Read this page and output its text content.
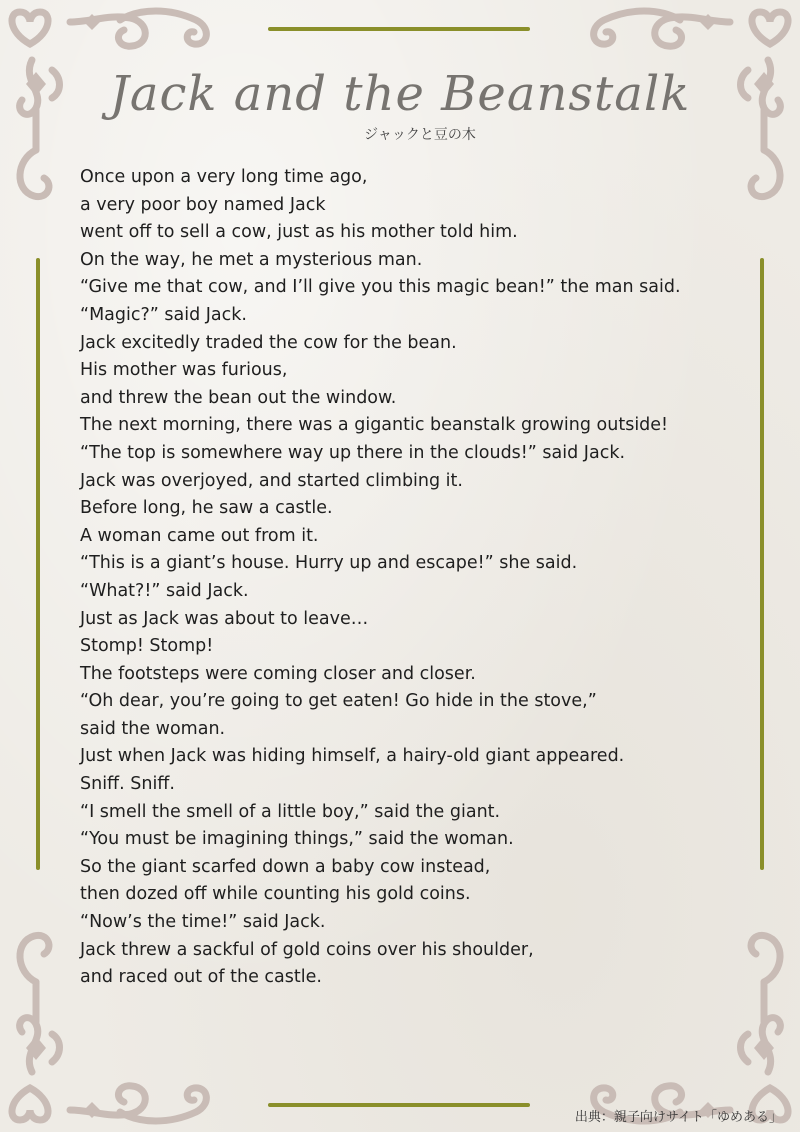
Jack and the Beanstalk
ジャックと豆の木
Once upon a very long time ago,
a very poor boy named Jack
went off to sell a cow, just as his mother told him.
On the way, he met a mysterious man.
“Give me that cow, and I’ll give you this magic bean!” the man said.
“Magic?” said Jack.
Jack excitedly traded the cow for the bean.
His mother was furious,
and threw the bean out the window.
The next morning, there was a gigantic beanstalk growing outside!
“The top is somewhere way up there in the clouds!” said Jack.
Jack was overjoyed, and started climbing it.
Before long, he saw a castle.
A woman came out from it.
“This is a giant’s house. Hurry up and escape!” she said.
“What?!” said Jack.
Just as Jack was about to leave…
Stomp! Stomp!
The footsteps were coming closer and closer.
“Oh dear, you’re going to get eaten! Go hide in the stove,”
said the woman.
Just when Jack was hiding himself, a hairy-old giant appeared.
Sniff. Sniff.
“I smell the smell of a little boy,” said the giant.
“You must be imagining things,” said the woman.
So the giant scarfed down a baby cow instead,
then dozed off while counting his gold coins.
“Now’s the time!” said Jack.
Jack threw a sackful of gold coins over his shoulder,
and raced out of the castle.
出典：親子向けサイト「ゆめある」
